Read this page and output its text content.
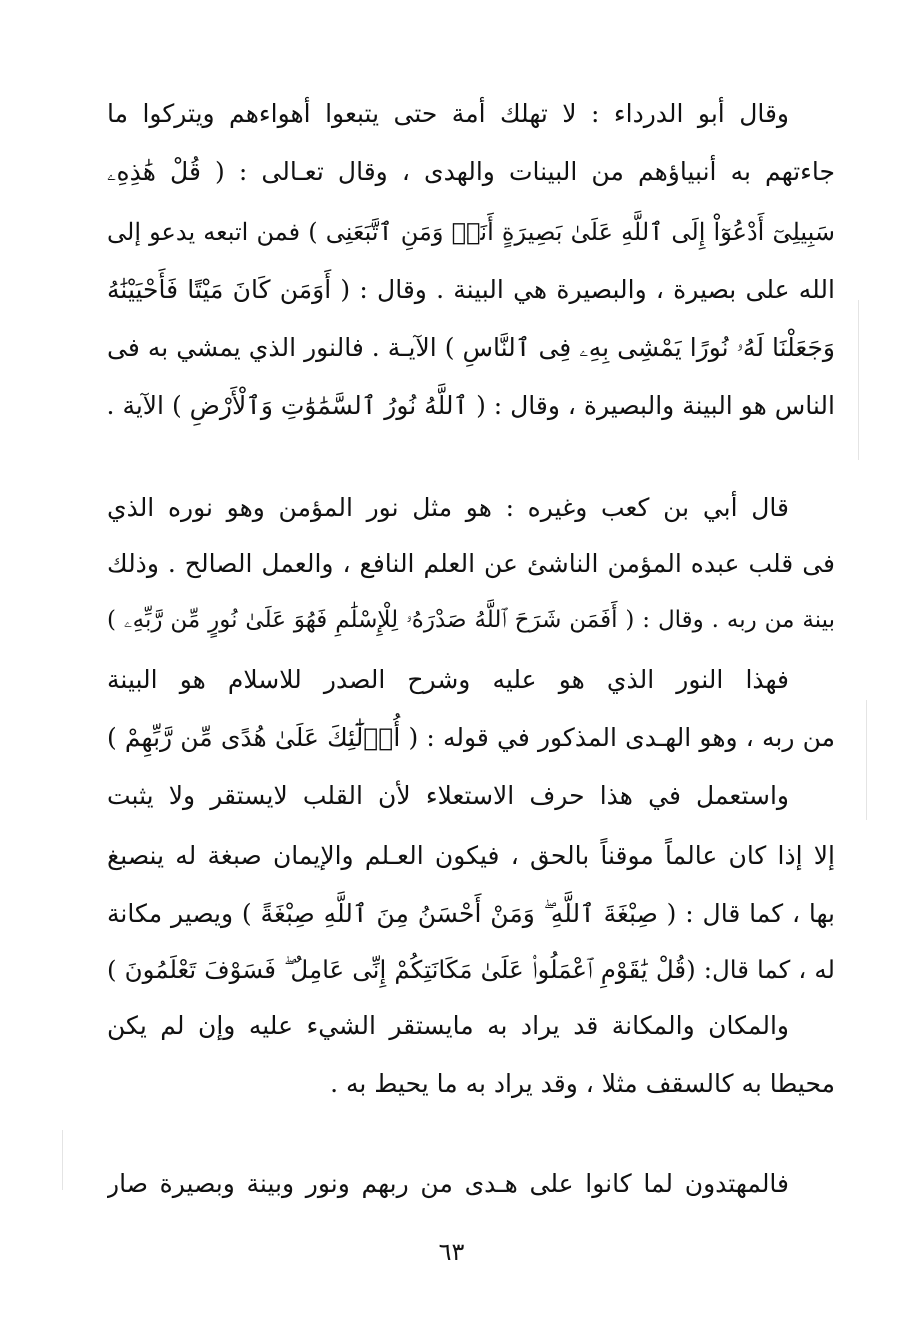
وقال أبو الدرداء : لا تهلك أمة حتى يتبعوا أهواءهم ويتركوا ما
جاءتهم به أنبياؤهم من البينات والهدى ، وقال تعـالى : ( قُلْ هَٰذِهِۦ
سَبِيلِىٓ أَدْعُوٓاْ إِلَى ٱللَّهِ عَلَىٰ بَصِيرَةٍ أَنَا۠ وَمَنِ ٱتَّبَعَنِى ) فمن اتبعه يدعو إلى
الله على بصيرة ، والبصيرة هي البينة . وقال : ( أَوَمَن كَانَ مَيْتًا فَأَحْيَيْنَٰهُ
وَجَعَلْنَا لَهُۥ نُورًا يَمْشِى بِهِۦ فِى ٱلنَّاسِ ) الآيـة . فالنور الذي يمشي به فى
الناس هو البينة والبصيرة ، وقال : ( ٱللَّهُ نُورُ ٱلسَّمَٰوَٰتِ وَٱلْأَرْضِ ) الآية .
قال أبي بن كعب وغيره : هو مثل نور المؤمن وهو نوره الذي
فى قلب عبده المؤمن الناشئ عن العلم النافع ، والعمل الصالح . وذلك
بينة من ربه . وقال : ( أَفَمَن شَرَحَ ٱللَّهُ صَدْرَهُۥ لِلْإِسْلَٰمِ فَهُوَ عَلَىٰ نُورٍ مِّن رَّبِّهِۦ )
فهذا النور الذي هو عليه وشرح الصدر للاسلام هو البينة
من ربه ، وهو الهـدى المذكور في قوله : ( أُو۟لَٰٓئِكَ عَلَىٰ هُدًى مِّن رَّبِّهِمْ )
واستعمل في هذا حرف الاستعلاء لأن القلب لايستقر ولا يثبت
إلا إذا كان عالماً موقناً بالحق ، فيكون العـلم والإيمان صبغة له ينصبغ
بها ، كما قال : ( صِبْغَةَ ٱللَّهِ ۖ وَمَنْ أَحْسَنُ مِنَ ٱللَّهِ صِبْغَةً ) ويصير مكانة
له ، كما قال: (قُلْ يَٰقَوْمِ ٱعْمَلُوا۟ عَلَىٰ مَكَانَتِكُمْ إِنِّى عَامِلٌ ۖ فَسَوْفَ تَعْلَمُونَ )
والمكان والمكانة قد يراد به مايستقر الشيء عليه وإن لم يكن
محيطا به كالسقف مثلا ، وقد يراد به ما يحيط به .
فالمهتدون لما كانوا على هـدى من ربهم ونور وبينة وبصيرة صار
٦٣
